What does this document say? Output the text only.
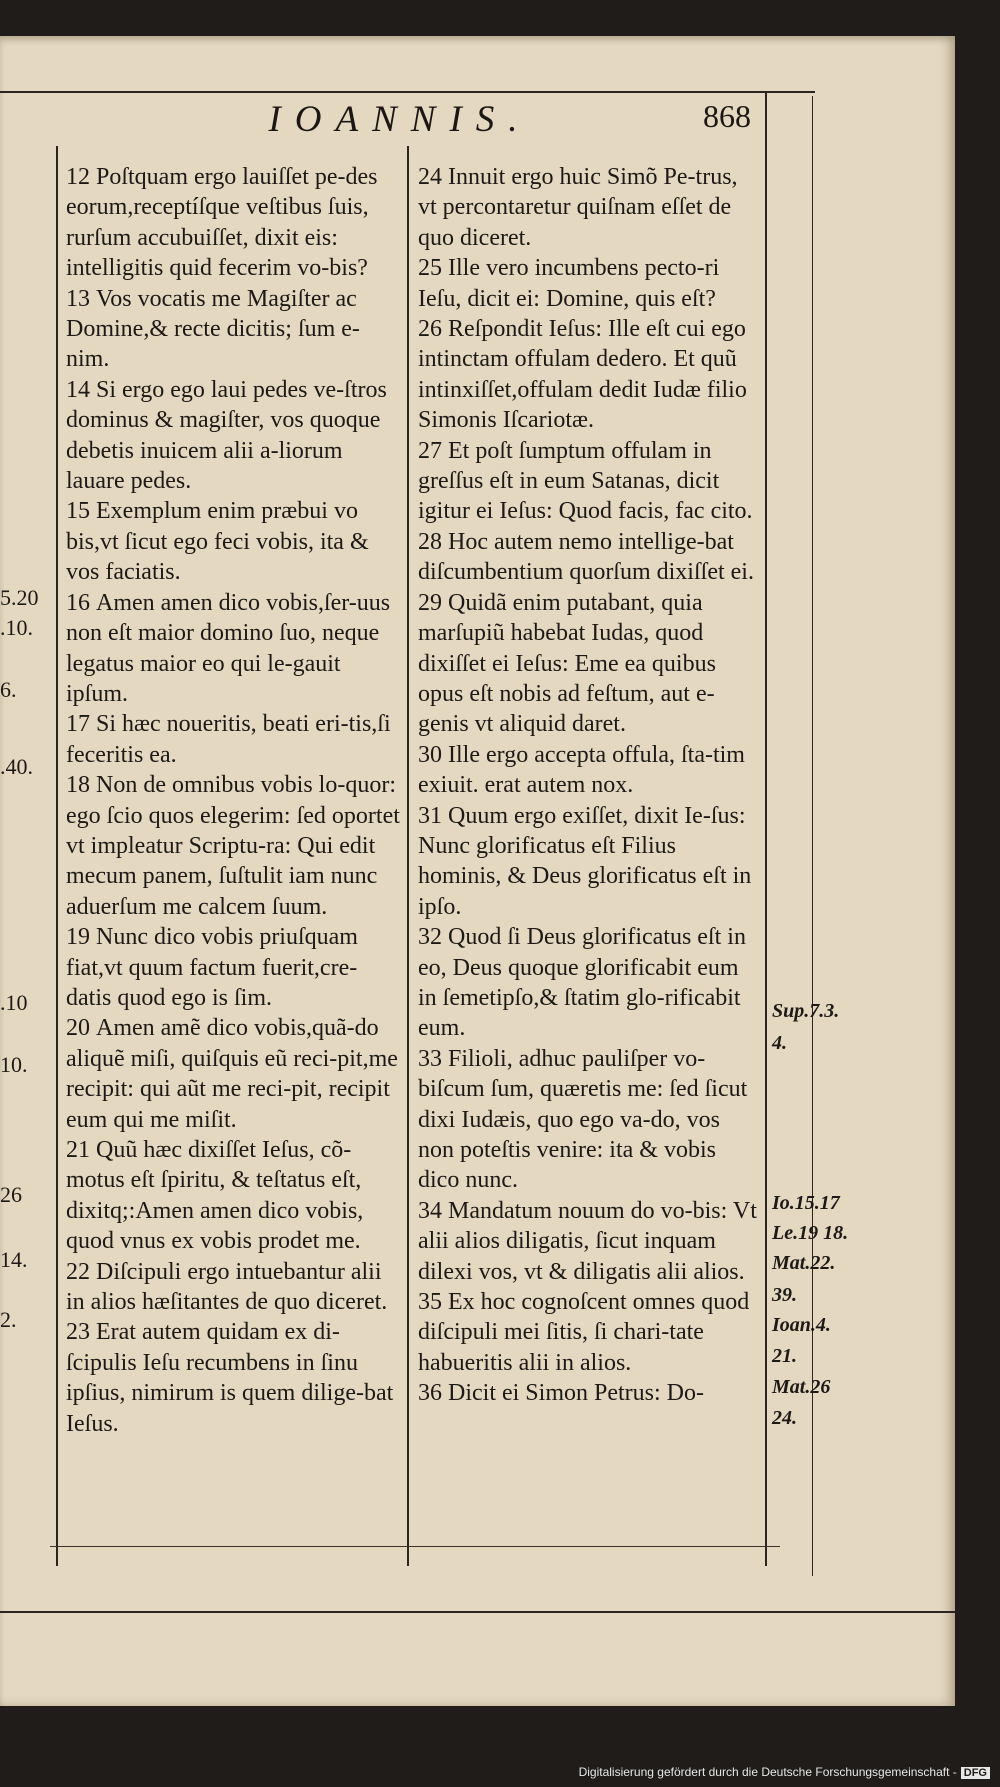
IOANNIS.	868
5.20
.10.
6.
.40.
.10
10.
26
14.
2.

12 Poſtquam ergo lauiſſet pe-des eorum,receptíſque veſtibus ſuis, rurſum accubuiſſet, dixit eis: intelligitis quid fecerim vo-bis?

13 Vos vocatis me Magiſter ac Domine,& recte dicitis; ſum e-nim.

14 Si ergo ego laui pedes ve-ſtros dominus & magiſter, vos quoque debetis inuicem alii a-liorum lauare pedes.

15 Exemplum enim præbui vo bis,vt ſicut ego feci vobis, ita & vos faciatis.

16 Amen amen dico vobis,ſer-uus non eſt maior domino ſuo, neque legatus maior eo qui le-gauit ipſum.

17 Si hæc noueritis, beati eri-tis,ſi feceritis ea.

18 Non de omnibus vobis lo-quor: ego ſcio quos elegerim: ſed oportet vt impleatur Scriptu-ra: Qui edit mecum panem, ſuſtulit iam nunc aduerſum me calcem ſuum.

19 Nunc dico vobis priuſquam fiat,vt quum factum fuerit,cre-datis quod ego is ſim.

20 Amen amẽ dico vobis,quã-do aliquẽ miſi, quiſquis eũ reci-pit,me recipit: qui aũt me reci-pit, recipit eum qui me miſit.

21 Quũ hæc dixiſſet Ieſus, cõ-motus eſt ſpiritu, & teſtatus eſt, dixitq;:Amen amen dico vobis, quod vnus ex vobis prodet me.

22 Diſcipuli ergo intuebantur alii in alios hæſitantes de quo diceret.

23 Erat autem quidam ex di-ſcipulis Ieſu recumbens in ſinu ipſius, nimirum is quem dilige-bat Ieſus.

24 Innuit ergo huic Simõ Pe-trus, vt percontaretur quiſnam eſſet de quo diceret.

25 Ille vero incumbens pecto-ri Ieſu, dicit ei: Domine, quis eſt?

26 Reſpondit Ieſus: Ille eſt cui ego intinctam offulam dedero. Et quũ intinxiſſet,offulam dedit Iudæ filio Simonis Iſcariotæ.

27 Et poſt ſumptum offulam in greſſus eſt in eum Satanas, dicit igitur ei Ieſus: Quod facis, fac cito.

28 Hoc autem nemo intellige-bat diſcumbentium quorſum dixiſſet ei.

29 Quidã enim putabant, quia marſupiũ habebat Iudas, quod dixiſſet ei Ieſus: Eme ea quibus opus eſt nobis ad feſtum, aut e-genis vt aliquid daret.

30 Ille ergo accepta offula, ſta-tim exiuit. erat autem nox.

31 Quum ergo exiſſet, dixit Ie-ſus: Nunc glorificatus eſt Filius hominis, & Deus glorificatus eſt in ipſo.

32 Quod ſi Deus glorificatus eſt in eo, Deus quoque glorificabit eum in ſemetipſo,& ſtatim glo-rificabit eum.

33 Filioli, adhuc pauliſper vo-biſcum ſum, quæretis me: ſed ſicut dixi Iudæis, quo ego va-do, vos non poteſtis venire: ita & vobis dico nunc.

34 Mandatum nouum do vo-bis: Vt alii alios diligatis, ſicut inquam dilexi vos, vt & diligatis alii alios.

35 Ex hoc cognoſcent omnes quod diſcipuli mei ſitis, ſi chari-tate habueritis alii in alios.

36 Dicit ei Simon Petrus: Do-

Sup.7.3.
4.
Io.15.17
Le.19 18.
Mat.22.
39.
Ioan.4.
21.
Mat.26
24.
Digitalisierung gefördert durch die Deutsche Forschungsgemeinschaft - DFG
